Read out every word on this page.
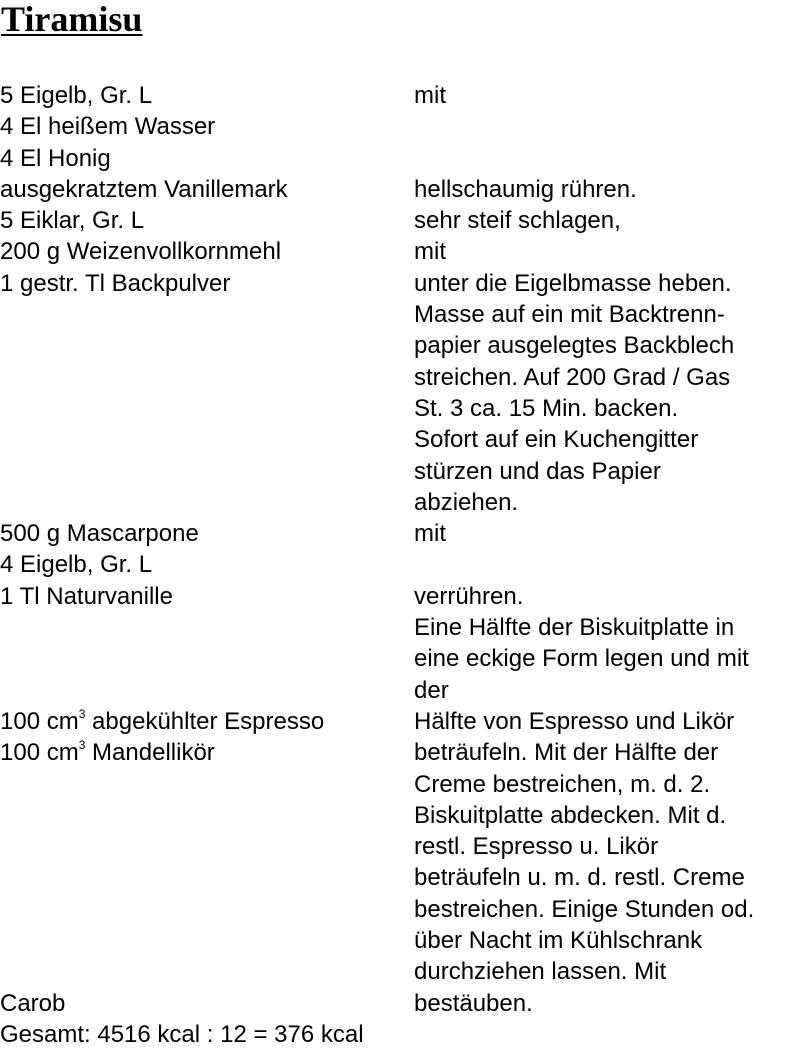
Tiramisu
5 Eigelb, Gr. L	mit
4 El heißem Wasser
4 El Honig
ausgekratztem Vanillemark	hellschaumig rühren.
5 Eiklar, Gr. L	sehr steif schlagen,
200 g Weizenvollkornmehl	mit
1 gestr. Tl Backpulver	unter die Eigelbmasse heben.
Masse auf ein mit Backtrenn-
papier ausgelegtes Backblech
streichen. Auf 200 Grad / Gas
St. 3 ca. 15 Min. backen.
Sofort auf ein Kuchengitter
stürzen und das Papier
abziehen.
500 g Mascarpone	mit
4 Eigelb, Gr. L
1 Tl Naturvanille	verrühren.
Eine Hälfte der Biskuitplatte in
eine eckige Form legen und mit
der
100 $cm^3$ abgekühlter Espresso	Hälfte von Espresso und Likör
100 $cm^3$ Mandellikör	beträufeln. Mit der Hälfte der
Creme bestreichen, m. d. 2.
Biskuitplatte abdecken. Mit d.
restl. Espresso u. Likör
beträufeln u. m. d. restl. Creme
bestreichen. Einige Stunden od.
über Nacht im Kühlschrank
durchziehen lassen. Mit
Carob	bestäuben.
Gesamt: 4516 kcal : 12 = 376 kcal
